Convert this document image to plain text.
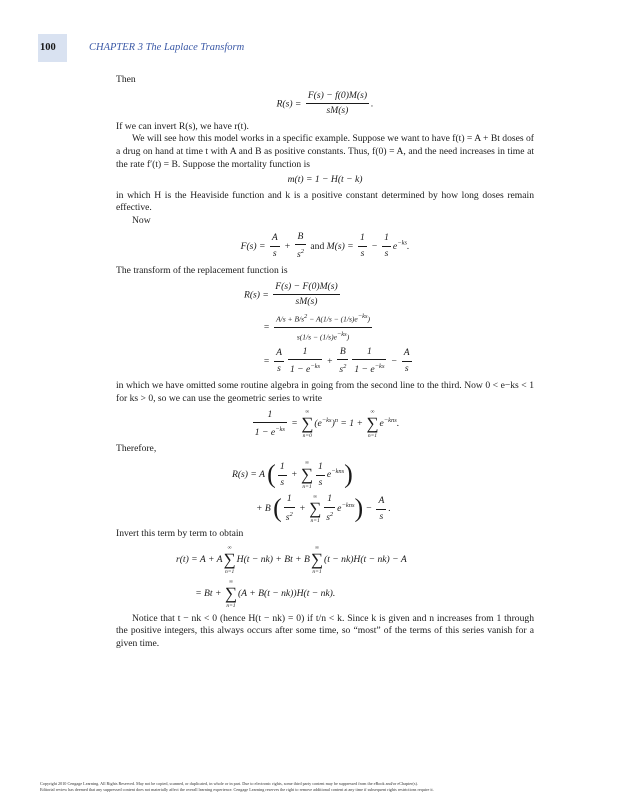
100	CHAPTER 3 The Laplace Transform

Then

$R(s) = \frac{F(s) - f(0)M(s)}{sM(s)}$ .

If we can invert R(s), we have r(t).

We will see how this model works in a specific example. Suppose we want to have f(t) = A + Bt doses of a drug on hand at time t with A and B as positive constants. Thus, f(0) = A, and the need increases in time at the rate f′(t) = B. Suppose the mortality function is

m(t) = 1 − H(t − k)

in which H is the Heaviside function and k is a positive constant determined by how long doses remain effective.

Now

$F(s) = \frac{A}{s} + \frac{B}{s^2}$ and $M(s) = \frac{1}{s} - \frac{1}{s} e^{-ks}$.

The transform of the replacement function is

$R(s) = \frac{F(s) - F(0)M(s)}{sM(s)}$
= $\frac{A/s + B/s^2 - A(1/s - (1/s)e^{-ks})}{s(1/s - (1/s)e^{-ks})}$
= $\frac{A}{s} \frac{1}{1 - e^{-ks}} + \frac{B}{s^2} \frac{1}{1 - e^{-ks}} - \frac{A}{s}$

in which we have omitted some routine algebra in going from the second line to the third. Now 0 < e−ks < 1 for ks > 0, so we can use the geometric series to write

$\frac{1}{1 - e^{-ks}}$ =
∞
∑
n=0
$(e^{-ks})^n = 1$ +
∞
∑
n=1
$e^{-kns}$.

Therefore,

R(s) = A ( $\frac{1}{s}$ +
∞
∑
$n=1 \frac{1}{s} e^{-kns}$)
+ B ( $\frac{1}{s^2}$ +
∞
∑
$n=1 \frac{1}{s^2} e^{-kns}) - \frac{A}{s}$ .

Invert this term by term to obtain

r(t) = A + A
∞
∑
n=1
H(t − nk) + Bt + B
∞
∑
n=1
(t − nk)H(t − nk) − A
= Bt +
∞
∑
n=1
(A + B(t − nk))H(t − nk).

Notice that t − nk < 0 (hence H(t − nk) = 0) if t/n < k. Since k is given and n increases from 1 through the positive integers, this always occurs after some time, so “most” of the terms of this series vanish for a given time.

Copyright 2010 Cengage Learning. All Rights Reserved. May not be copied, scanned, or duplicated, in whole or in part. Due to electronic rights, some third party content may be suppressed from the eBook and/or eChapter(s).
Editorial review has deemed that any suppressed content does not materially affect the overall learning experience. Cengage Learning reserves the right to remove additional content at any time if subsequent rights restrictions require it.
